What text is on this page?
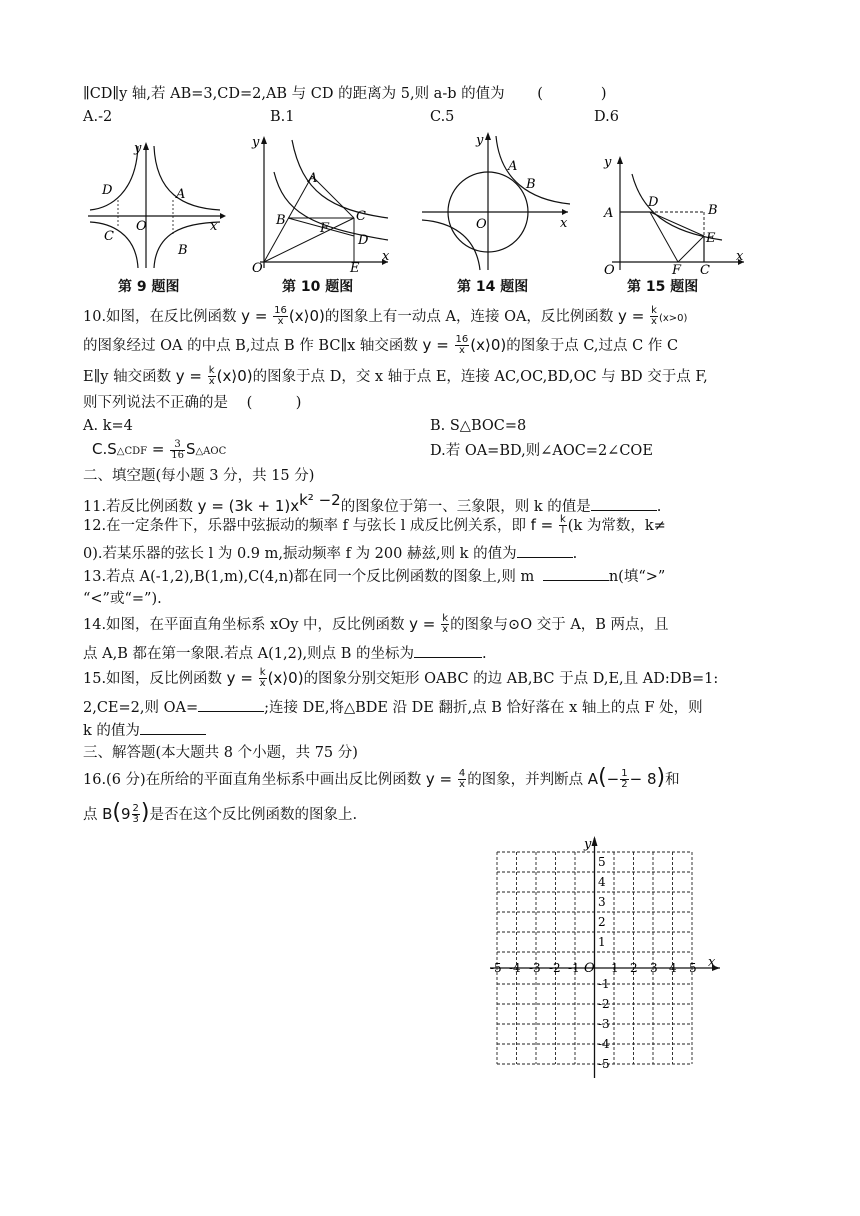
∥CD∥y 轴,若 AB=3,CD=2,AB 与 CD 的距离为 5,则 a-b 的值为 (　　　　)
A.-2	B.1	C.5	D.6
y
x
O
D
C
A
B
第 9 题图
y
x
O
A
B	C
F
D
E
第 10 题图
y
x
O
A
B
第 14 题图
y
x
O
A
D
B
E
F C
第 15 题图
10.如图，在反比例函数 $y = \frac{16}{x}$ (x⟩0)的图象上有一动点 A，连接 OA，反比例函数 $y = \frac{k}{x} (x>0)$
的图象经过 OA 的中点 B,过点 B 作 BC∥x 轴交函数 $y = \frac{16}{x}$ (x⟩0)的图象于点 C,过点 C 作 C
E∥y 轴交函数 $y = \frac{k}{x}$ (x⟩0)的图象于点 D，交 x 轴于点 E，连接 AC,OC,BD,OC 与 BD 交于点 F,
则下列说法不正确的是 (　　　)
A. k=4	B. S△BOC=8
C.S△CDF = $\frac{3}{16}$ S△AOC	D.若 OA=BD,则∠AOC=2∠COE
二、填空题(每小题 3 分，共 15 分)
11.若反比例函数 $y = (3k + 1)x^{k^2 -2}$的图象位于第一、三象限，则 k 的值是	.
12.在一定条件下，乐器中弦振动的频率 f 与弦长 l 成反比例关系，即 $f = \frac{k}{l} (k$ 为常数，k≠
0).若某乐器的弦长 l 为 0.9 m,振动频率 f 为 200 赫兹,则 k 的值为	.
13.若点 A(-1,2),B(1,m),C(4,n)都在同一个反比例函数的图象上,则 m	n(填“>”
“<”或“=”).
14.如图，在平面直角坐标系 xOy 中，反比例函数 $y = \frac{k}{x}$ 的图象与⊙O 交于 A，B 两点，且
点 A,B 都在第一象限.若点 A(1,2),则点 B 的坐标为	.
15.如图，反比例函数 $y = \frac{k}{x}$ (x⟩0)的图象分别交矩形 OABC 的边 AB,BC 于点 D,E,且 AD:DB=1:
2,CE=2,则 OA=	;连接 DE,将△BDE 沿 DE 翻折,点 B 恰好落在 x 轴上的点 F 处，则
k 的值为
三、解答题(本大题共 8 个小题，共 75 分)
16.(6 分)在所给的平面直角坐标系中画出反比例函数 $y = \frac{4}{x}$ 的图象，并判断点 $A(- \frac{1}{2} - 8)$和
点 $B(9 \frac{2}{3}$ )是否在这个反比例函数的图象上.
x
y
O
-5 -4 -3 -2 -1	1 2 3 4 5
5
4
3
2
1
-1
-2
-3
-4
-5
